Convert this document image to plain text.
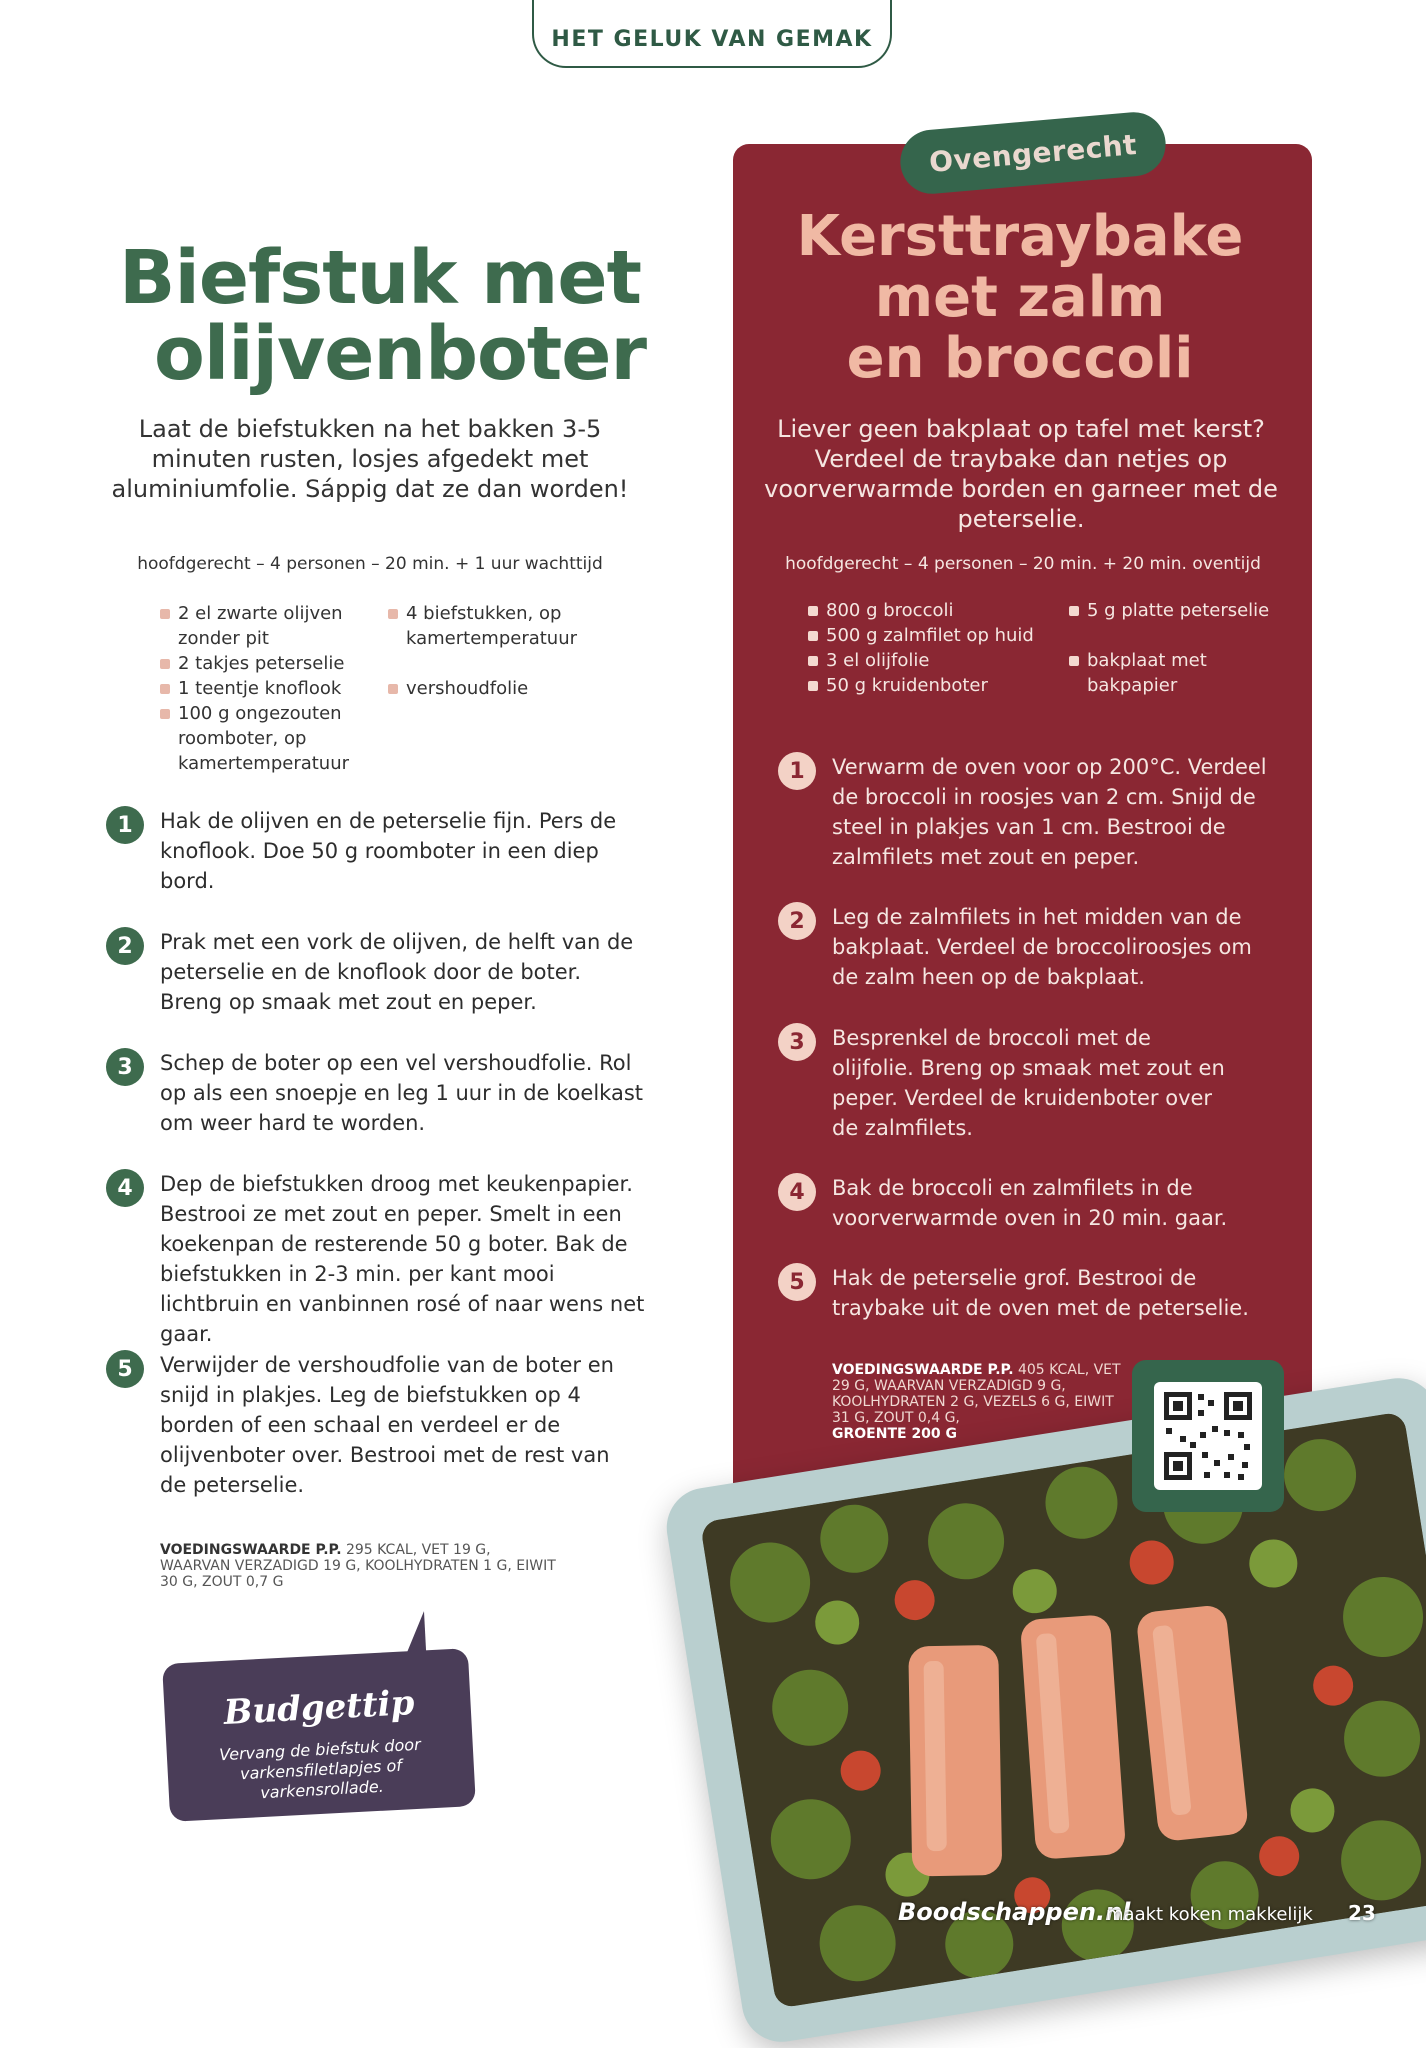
HET GELUK VAN GEMAK
Biefstuk met
olijvenboter
Laat de biefstukken na het bakken 3-5 minuten rusten, losjes afgedekt met aluminiumfolie. Sáppig dat ze dan worden!
hoofdgerecht – 4 personen – 20 min. + 1 uur wachttijd
2 el zwarte olijven zonder pit
2 takjes peterselie
1 teentje knoflook
100 g ongezouten roomboter, op kamertemperatuur
4 biefstukken, op kamertemperatuur
vershoudfolie
1	Hak de olijven en de peterselie fijn. Pers de knoflook. Doe 50 g roomboter in een diep bord.
2	Prak met een vork de olijven, de helft van de peterselie en de knoflook door de boter. Breng op smaak met zout en peper.
3	Schep de boter op een vel vershoudfolie. Rol op als een snoepje en leg 1 uur in de koelkast om weer hard te worden.
4	Dep de biefstukken droog met keukenpapier. Bestrooi ze met zout en peper. Smelt in een koekenpan de resterende 50 g boter. Bak de biefstukken in 2-3 min. per kant mooi lichtbruin en vanbinnen rosé of naar wens net gaar.
5	Verwijder de vershoudfolie van de boter en snijd in plakjes. Leg de biefstukken op 4 borden of een schaal en verdeel er de olijvenboter over. Bestrooi met de rest van de peterselie.
VOEDINGSWAARDE P.P. 295 KCAL, VET 19 G, WAARVAN VERZADIGD 19 G, KOOLHYDRATEN 1 G, EIWIT 30 G, ZOUT 0,7 G
Budgettip
Vervang de biefstuk door varkensfiletlapjes of varkensrollade.
Ovengerecht
Kersttraybake
met zalm
en broccoli
Liever geen bakplaat op tafel met kerst? Verdeel de traybake dan netjes op voorverwarmde borden en garneer met de peterselie.
hoofdgerecht – 4 personen – 20 min. + 20 min. oventijd
800 g broccoli
500 g zalmfilet op huid
3 el olijfolie
50 g kruidenboter
5 g platte peterselie
bakplaat met bakpapier
1	Verwarm de oven voor op 200°C. Verdeel de broccoli in roosjes van 2 cm. Snijd de steel in plakjes van 1 cm. Bestrooi de zalmfilets met zout en peper.
2	Leg de zalmfilets in het midden van de bakplaat. Verdeel de broccoliroosjes om de zalm heen op de bakplaat.
3	Besprenkel de broccoli met de olijfolie. Breng op smaak met zout en peper. Verdeel de kruidenboter over de zalmfilets.
4	Bak de broccoli en zalmfilets in de voorverwarmde oven in 20 min. gaar.
5	Hak de peterselie grof. Bestrooi de traybake uit de oven met de peterselie.
VOEDINGSWAARDE P.P. 405 KCAL, VET 29 G, WAARVAN VERZADIGD 9 G, KOOLHYDRATEN 2 G, VEZELS 6 G, EIWIT 31 G, ZOUT 0,4 G,
GROENTE 200 G
Boodschappen.nl
maakt koken makkelijk 23
